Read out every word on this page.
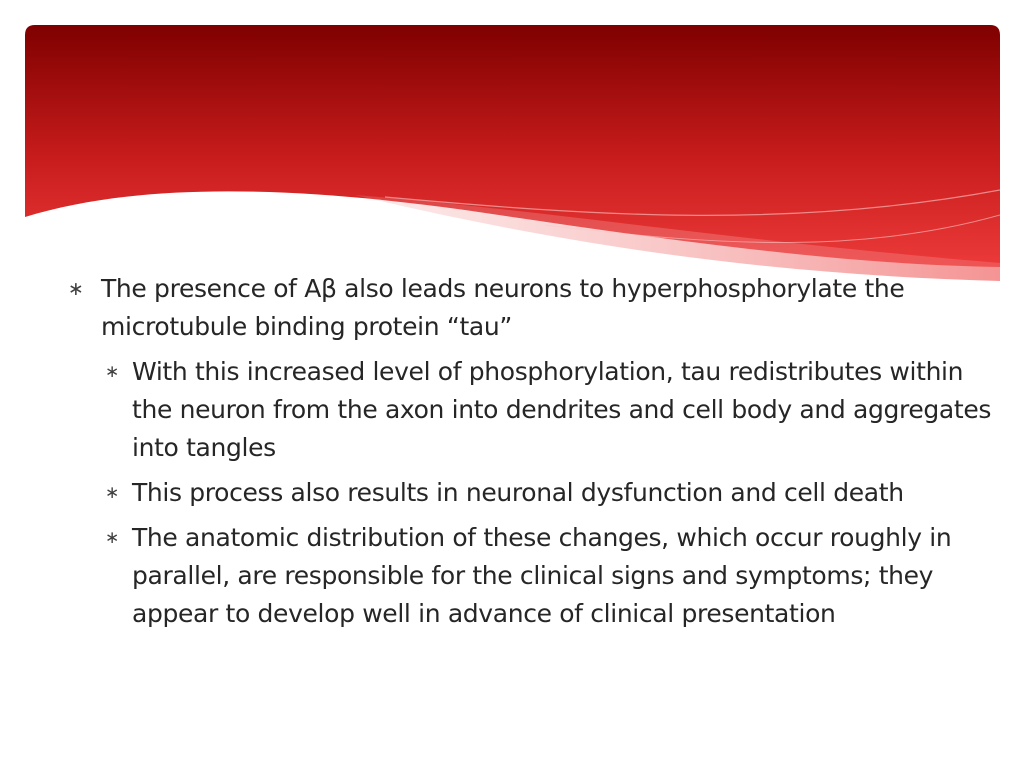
∗ The presence of Aβ also leads neurons to hyperphosphorylate the microtubule binding protein “tau”
∗ With this increased level of phosphorylation, tau redistributes within the neuron from the axon into dendrites and cell body and aggregates into tangles
∗ This process also results in neuronal dysfunction and cell death
∗ The anatomic distribution of these changes, which occur roughly in parallel, are responsible for the clinical signs and symptoms; they appear to develop well in advance of clinical presentation
